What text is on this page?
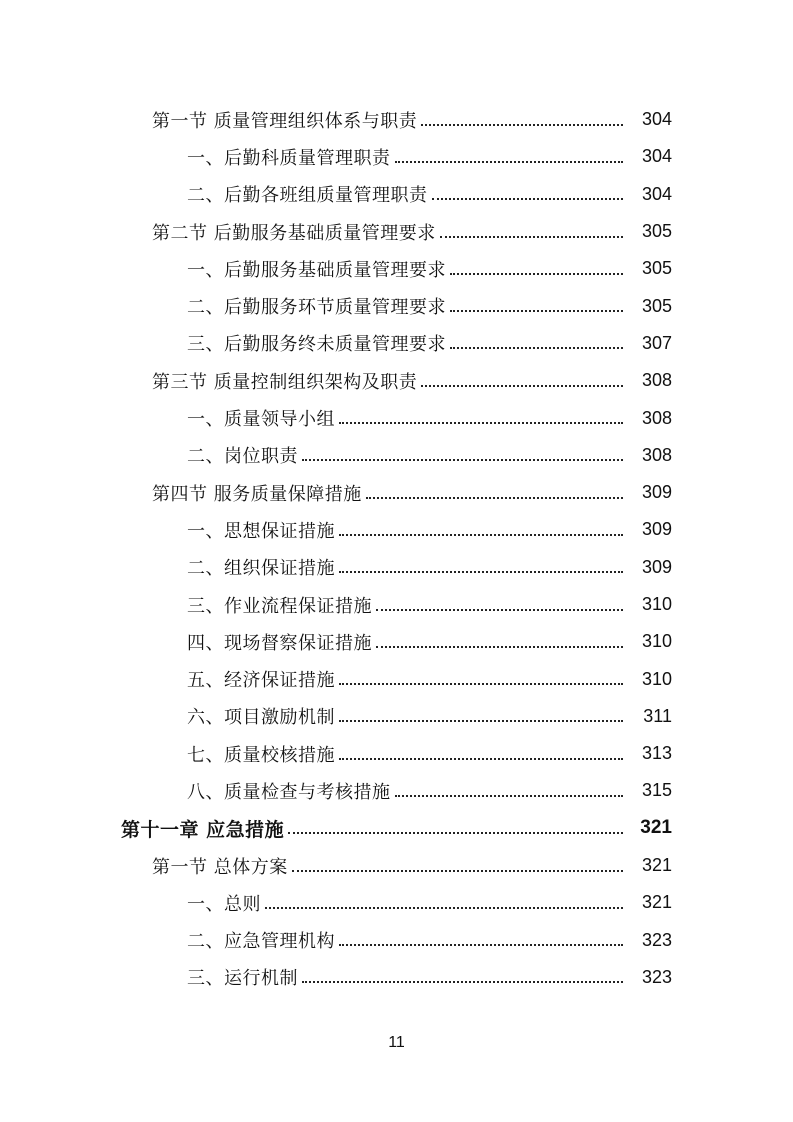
第一节 质量管理组织体系与职责	304
一、后勤科质量管理职责	304
二、后勤各班组质量管理职责	304
第二节 后勤服务基础质量管理要求	305
一、后勤服务基础质量管理要求	305
二、后勤服务环节质量管理要求	305
三、后勤服务终未质量管理要求	307
第三节 质量控制组织架构及职责	308
一、质量领导小组	308
二、岗位职责	308
第四节 服务质量保障措施	309
一、思想保证措施	309
二、组织保证措施	309
三、作业流程保证措施	310
四、现场督察保证措施	310
五、经济保证措施	310
六、项目激励机制	311
七、质量校核措施	313
八、质量检查与考核措施	315
第十一章 应急措施	321
第一节 总体方案	321
一、总则	321
二、应急管理机构	323
三、运行机制	323
11
